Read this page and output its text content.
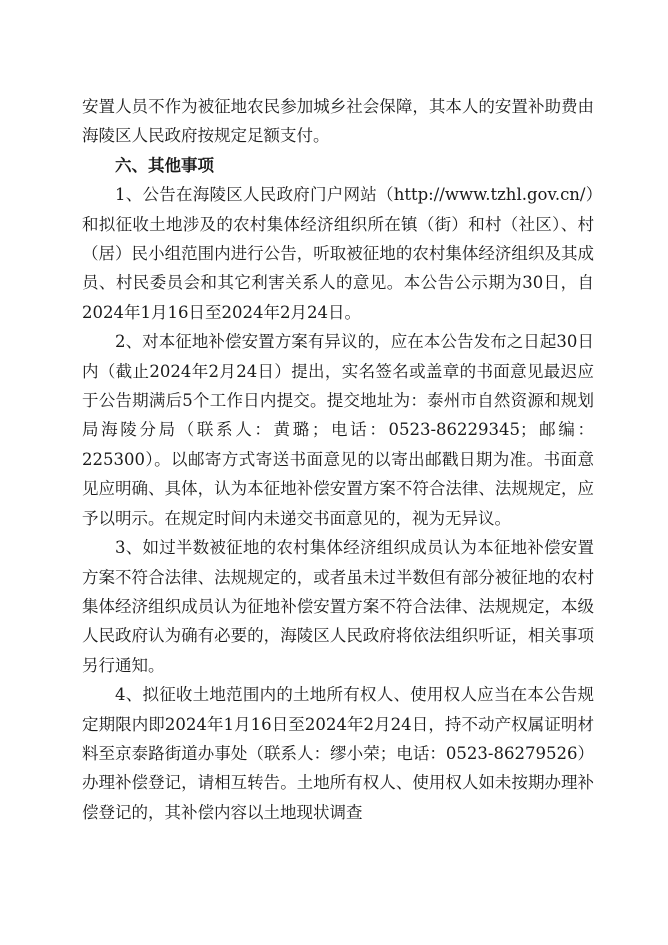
安置人员不作为被征地农民参加城乡社会保障，其本人的安置补助费由海陵区人民政府按规定足额支付。

六、其他事项

1、公告在海陵区人民政府门户网站（http://www.tzhl.gov.cn/）和拟征收土地涉及的农村集体经济组织所在镇（街）和村（社区）、村（居）民小组范围内进行公告，听取被征地的农村集体经济组织及其成员、村民委员会和其它利害关系人的意见。本公告公示期为30日，自2024年1月16日至2024年2月24日。

2、对本征地补偿安置方案有异议的，应在本公告发布之日起30日内（截止2024年2月24日）提出，实名签名或盖章的书面意见最迟应于公告期满后5个工作日内提交。提交地址为：泰州市自然资源和规划局海陵分局（联系人：黄璐；电话：0523-86229345；邮编：225300）。以邮寄方式寄送书面意见的以寄出邮戳日期为准。书面意见应明确、具体，认为本征地补偿安置方案不符合法律、法规规定，应予以明示。在规定时间内未递交书面意见的，视为无异议。

3、如过半数被征地的农村集体经济组织成员认为本征地补偿安置方案不符合法律、法规规定的，或者虽未过半数但有部分被征地的农村集体经济组织成员认为征地补偿安置方案不符合法律、法规规定，本级人民政府认为确有必要的，海陵区人民政府将依法组织听证，相关事项另行通知。

4、拟征收土地范围内的土地所有权人、使用权人应当在本公告规定期限内即2024年1月16日至2024年2月24日，持不动产权属证明材料至京泰路街道办事处（联系人：缪小荣；电话：0523-86279526）办理补偿登记，请相互转告。土地所有权人、使用权人如未按期办理补偿登记的，其补偿内容以土地现状调查
